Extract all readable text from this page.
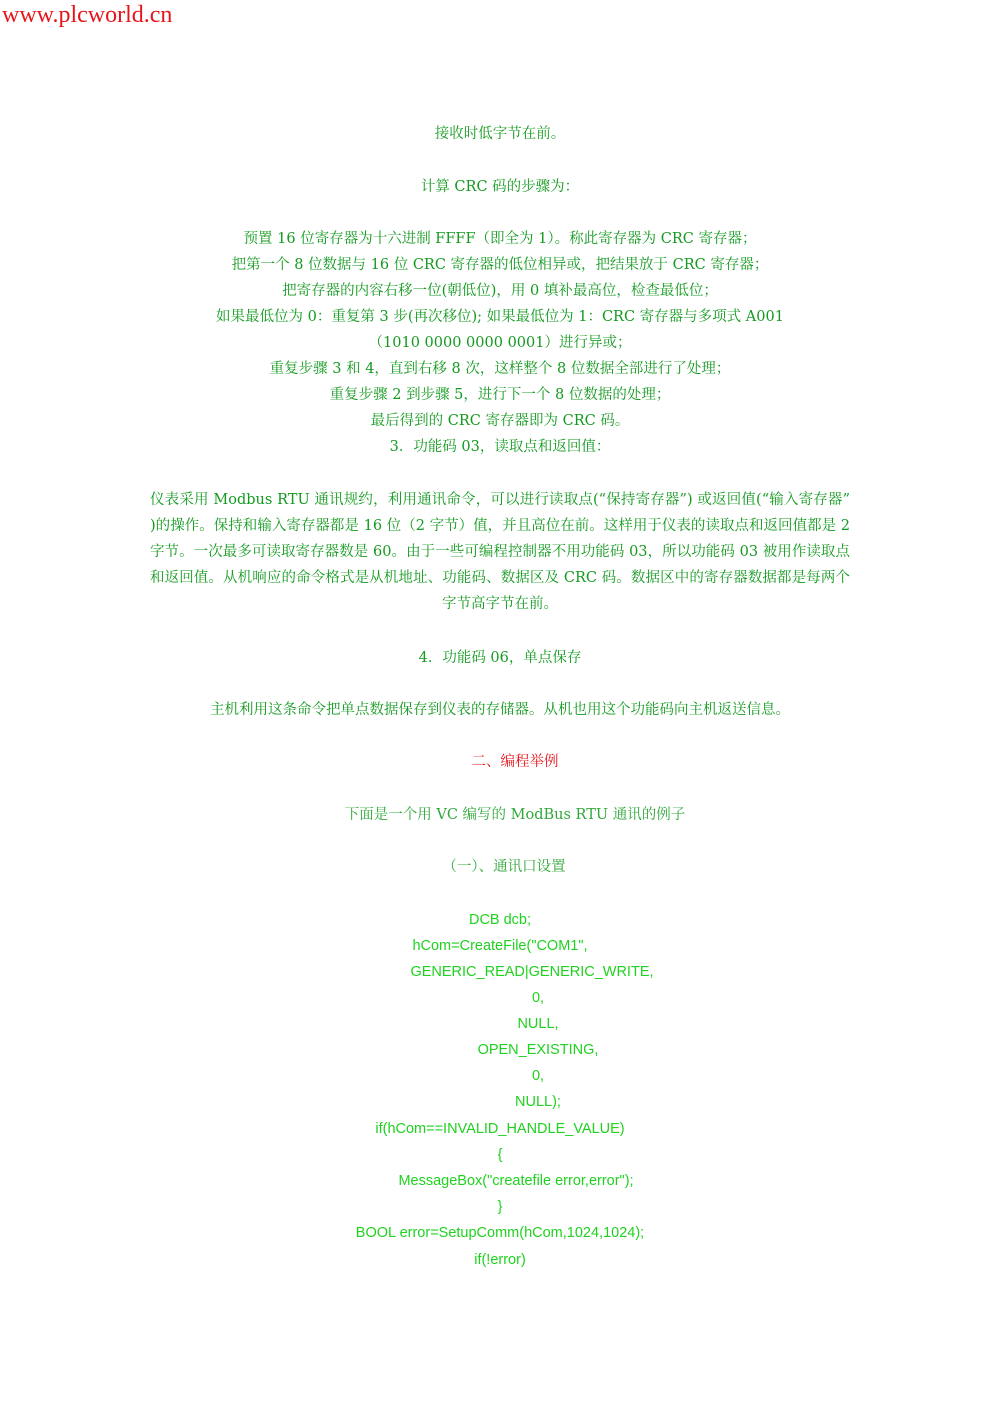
www.plcworld.cn
接收时低字节在前。
计算 CRC 码的步骤为：
预置 16 位寄存器为十六进制 FFFF（即全为 1）。称此寄存器为 CRC 寄存器；
把第一个 8 位数据与 16 位 CRC 寄存器的低位相异或，把结果放于 CRC 寄存器；
把寄存器的内容右移一位(朝低位)，用 0 填补最高位，检查最低位；
如果最低位为 0：重复第 3 步(再次移位); 如果最低位为 1：CRC 寄存器与多项式 A001
（1010 0000 0000 0001）进行异或；
重复步骤 3 和 4，直到右移 8 次，这样整个 8 位数据全部进行了处理；
重复步骤 2 到步骤 5，进行下一个 8 位数据的处理；
最后得到的 CRC 寄存器即为 CRC 码。
3．功能码 03，读取点和返回值：
仪表采用 Modbus RTU 通讯规约，利用通讯命令，可以进行读取点(“保持寄存器”) 或返回值(“输入寄存器” )的操作。保持和输入寄存器都是 16 位（2 字节）值，并且高位在前。这样用于仪表的读取点和返回值都是 2 字节。一次最多可读取寄存器数是 60。由于一些可编程控制器不用功能码 03，所以功能码 03 被用作读取点和返回值。从机响应的命令格式是从机地址、功能码、数据区及 CRC 码。数据区中的寄存器数据都是每两个字节高字节在前。
4．功能码 06，单点保存
主机利用这条命令把单点数据保存到仪表的存储器。从机也用这个功能码向主机返送信息。
二、编程举例
下面是一个用 VC 编写的 ModBus RTU 通讯的例子
（一）、通讯口设置
DCB dcb;
hCom=CreateFile("COM1",
GENERIC_READ|GENERIC_WRITE,
0,
NULL,
OPEN_EXISTING,
0,
NULL);
if(hCom==INVALID_HANDLE_VALUE)
{
MessageBox("createfile error,error");
}
BOOL error=SetupComm(hCom,1024,1024);
if(!error)
